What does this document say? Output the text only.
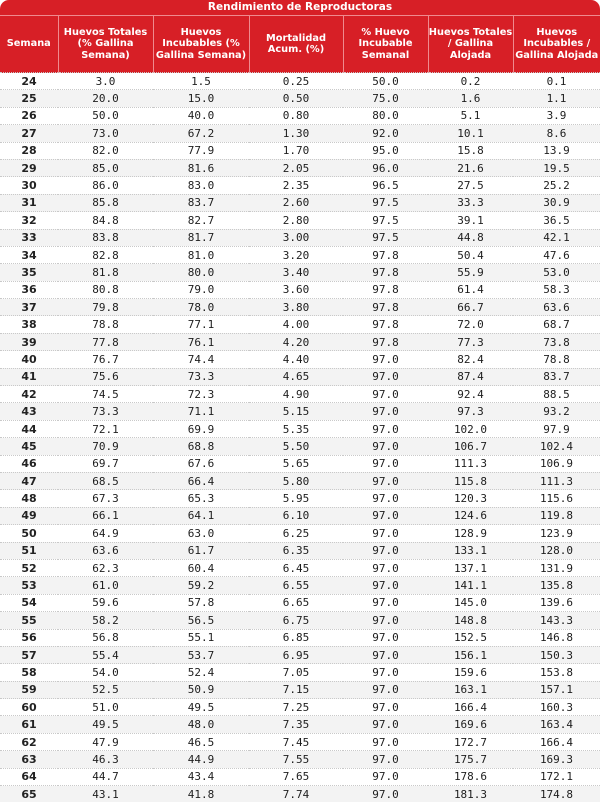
Rendimiento de Reproductoras
Semana	Huevos Totales (% Gallina Semana)	Huevos Incubables (% Gallina Semana)	Mortalidad Acum. (%)	% Huevo Incubable Semanal	Huevos Totales / Gallina Alojada	Huevos Incubables / Gallina Alojada
24	3.0	1.5	0.25	50.0	0.2	0.1
25	20.0	15.0	0.50	75.0	1.6	1.1
26	50.0	40.0	0.80	80.0	5.1	3.9
27	73.0	67.2	1.30	92.0	10.1	8.6
28	82.0	77.9	1.70	95.0	15.8	13.9
29	85.0	81.6	2.05	96.0	21.6	19.5
30	86.0	83.0	2.35	96.5	27.5	25.2
31	85.8	83.7	2.60	97.5	33.3	30.9
32	84.8	82.7	2.80	97.5	39.1	36.5
33	83.8	81.7	3.00	97.5	44.8	42.1
34	82.8	81.0	3.20	97.8	50.4	47.6
35	81.8	80.0	3.40	97.8	55.9	53.0
36	80.8	79.0	3.60	97.8	61.4	58.3
37	79.8	78.0	3.80	97.8	66.7	63.6
38	78.8	77.1	4.00	97.8	72.0	68.7
39	77.8	76.1	4.20	97.8	77.3	73.8
40	76.7	74.4	4.40	97.0	82.4	78.8
41	75.6	73.3	4.65	97.0	87.4	83.7
42	74.5	72.3	4.90	97.0	92.4	88.5
43	73.3	71.1	5.15	97.0	97.3	93.2
44	72.1	69.9	5.35	97.0	102.0	97.9
45	70.9	68.8	5.50	97.0	106.7	102.4
46	69.7	67.6	5.65	97.0	111.3	106.9
47	68.5	66.4	5.80	97.0	115.8	111.3
48	67.3	65.3	5.95	97.0	120.3	115.6
49	66.1	64.1	6.10	97.0	124.6	119.8
50	64.9	63.0	6.25	97.0	128.9	123.9
51	63.6	61.7	6.35	97.0	133.1	128.0
52	62.3	60.4	6.45	97.0	137.1	131.9
53	61.0	59.2	6.55	97.0	141.1	135.8
54	59.6	57.8	6.65	97.0	145.0	139.6
55	58.2	56.5	6.75	97.0	148.8	143.3
56	56.8	55.1	6.85	97.0	152.5	146.8
57	55.4	53.7	6.95	97.0	156.1	150.3
58	54.0	52.4	7.05	97.0	159.6	153.8
59	52.5	50.9	7.15	97.0	163.1	157.1
60	51.0	49.5	7.25	97.0	166.4	160.3
61	49.5	48.0	7.35	97.0	169.6	163.4
62	47.9	46.5	7.45	97.0	172.7	166.4
63	46.3	44.9	7.55	97.0	175.7	169.3
64	44.7	43.4	7.65	97.0	178.6	172.1
65	43.1	41.8	7.74	97.0	181.3	174.8
